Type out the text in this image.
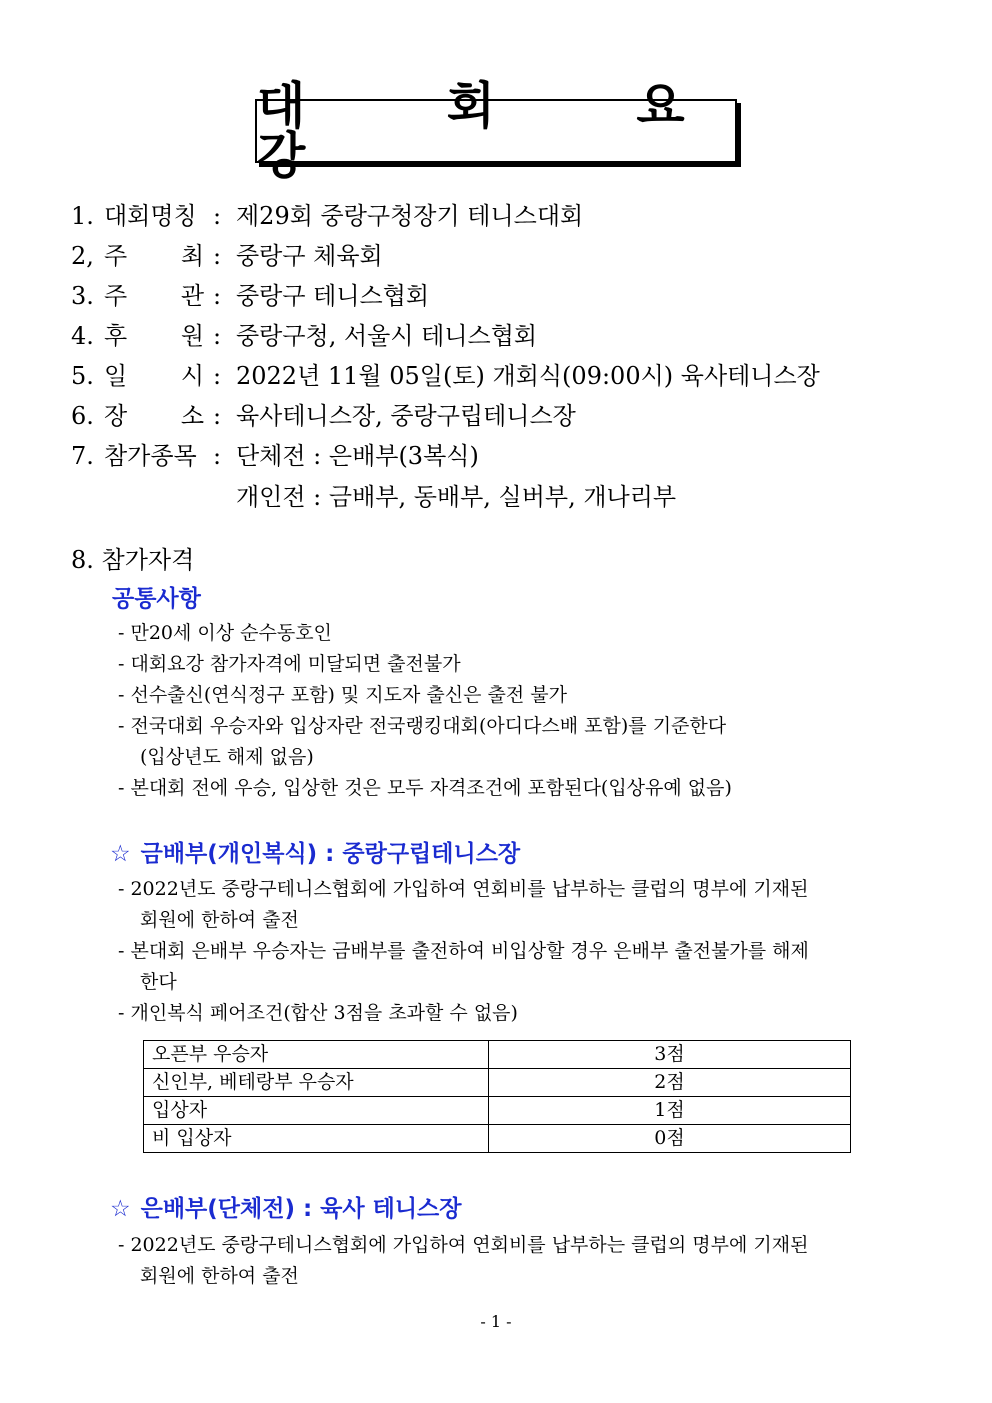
대 회 요 강
1. 대회명칭 : 제29회 중랑구청장기 테니스대회
2, 주 최 : 중랑구 체육회
3. 주 관 : 중랑구 테니스협회
4. 후 원 : 중랑구청, 서울시 테니스협회
5. 일 시 : 2022년 11월 05일(토) 개회식(09:00시) 육사테니스장
6. 장 소 : 육사테니스장, 중랑구립테니스장
7. 참가종목 : 단체전 : 은배부(3복식)
개인전 : 금배부, 동배부, 실버부, 개나리부
8. 참가자격
공통사항
- 만20세 이상 순수동호인
- 대회요강 참가자격에 미달되면 출전불가
- 선수출신(연식정구 포함) 및 지도자 출신은 출전 불가
- 전국대회 우승자와 입상자란 전국랭킹대회(아디다스배 포함)를 기준한다
(입상년도 해제 없음)
- 본대회 전에 우승, 입상한 것은 모두 자격조건에 포함된다(입상유예 없음)
☆ 금배부(개인복식) : 중랑구립테니스장
- 2022년도 중랑구테니스협회에 가입하여 연회비를 납부하는 클럽의 명부에 기재된
회원에 한하여 출전
- 본대회 은배부 우승자는 금배부를 출전하여 비입상할 경우 은배부 출전불가를 해제
한다
- 개인복식 페어조건(합산 3점을 초과할 수 없음)
오픈부 우승자	3점
신인부, 베테랑부 우승자	2점
입상자	1점
비 입상자	0점
☆ 은배부(단체전) : 육사 테니스장
- 2022년도 중랑구테니스협회에 가입하여 연회비를 납부하는 클럽의 명부에 기재된
회원에 한하여 출전
- 1 -
